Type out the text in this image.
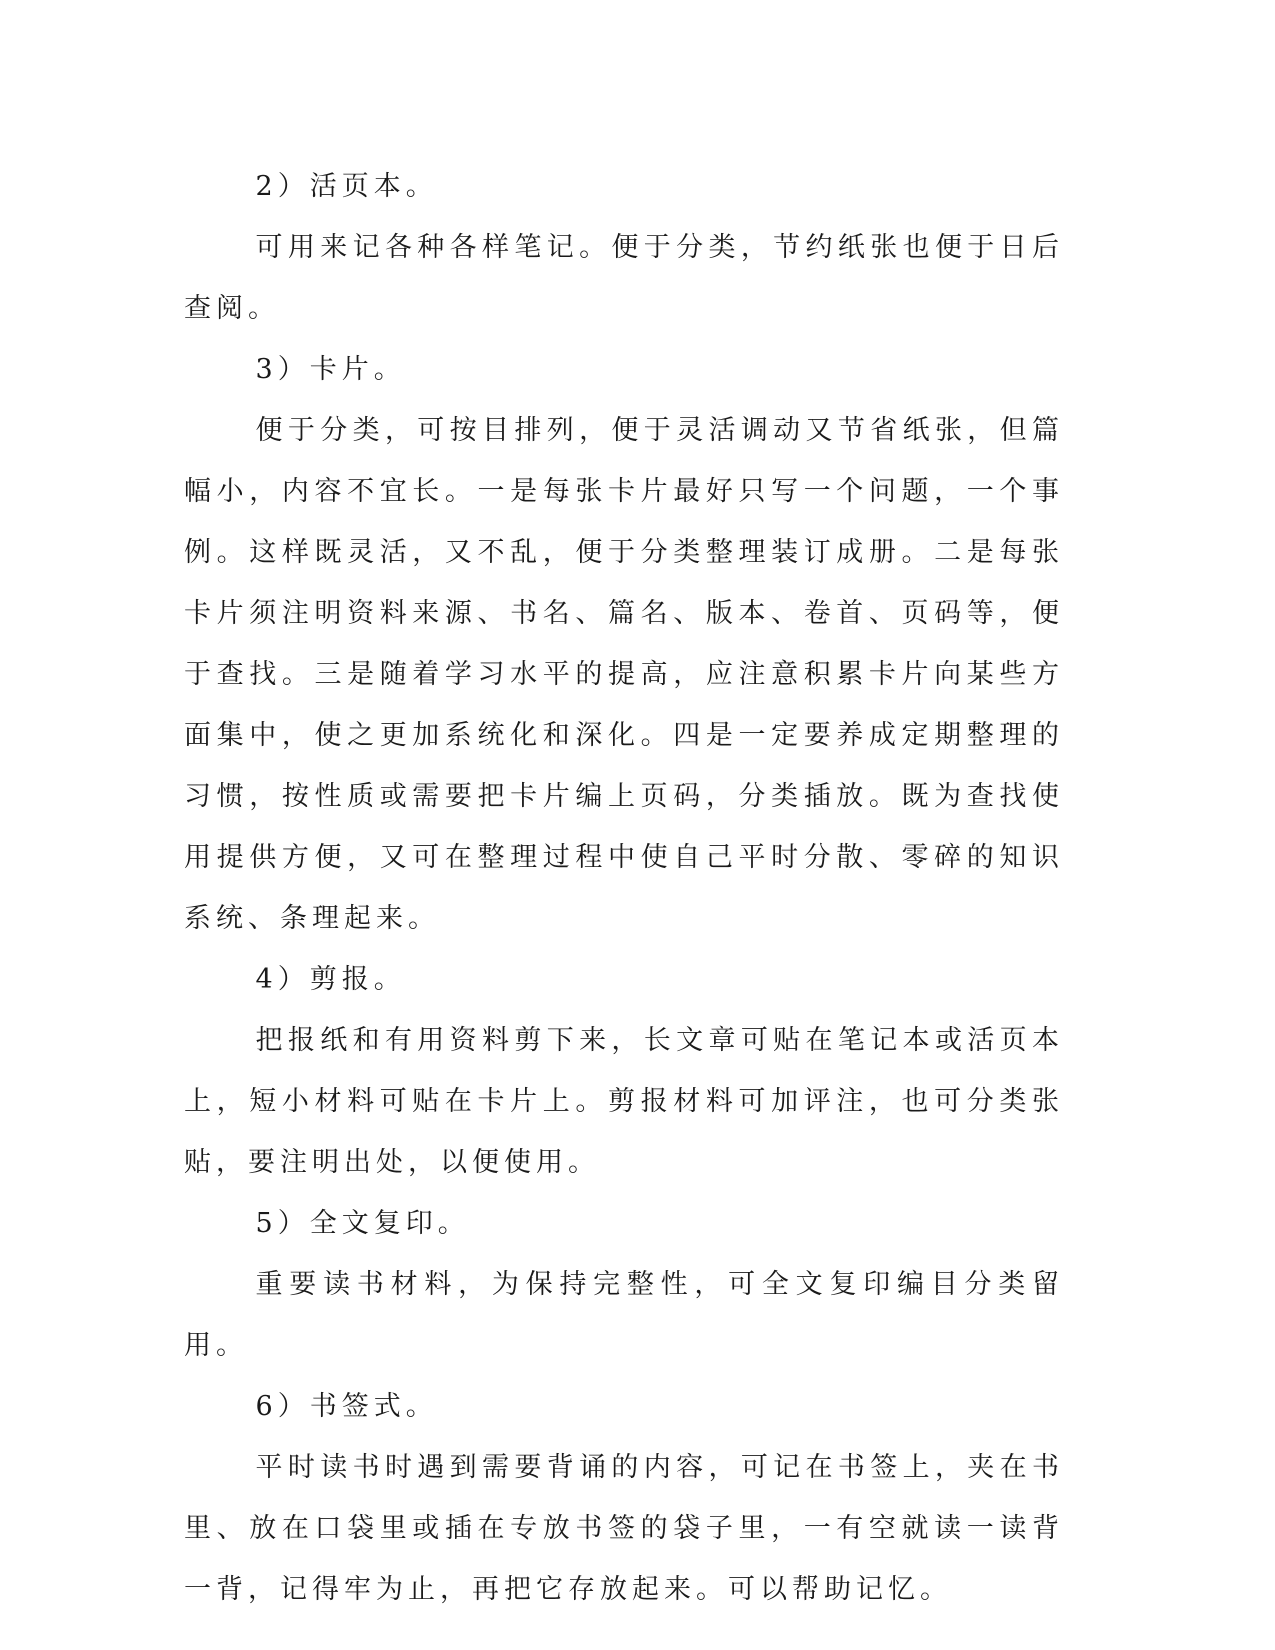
2）活页本。

可用来记各种各样笔记。便于分类，节约纸张也便于日后查阅。

3）卡片。

便于分类，可按目排列，便于灵活调动又节省纸张，但篇幅小，内容不宜长。一是每张卡片最好只写一个问题，一个事例。这样既灵活，又不乱，便于分类整理装订成册。二是每张卡片须注明资料来源、书名、篇名、版本、卷首、页码等，便于查找。三是随着学习水平的提高，应注意积累卡片向某些方面集中，使之更加系统化和深化。四是一定要养成定期整理的习惯，按性质或需要把卡片编上页码，分类插放。既为查找使用提供方便，又可在整理过程中使自己平时分散、零碎的知识系统、条理起来。

4）剪报。

把报纸和有用资料剪下来，长文章可贴在笔记本或活页本上，短小材料可贴在卡片上。剪报材料可加评注，也可分类张贴，要注明出处，以便使用。

5）全文复印。

重要读书材料，为保持完整性，可全文复印编目分类留用。

6）书签式。

平时读书时遇到需要背诵的内容，可记在书签上，夹在书里、放在口袋里或插在专放书签的袋子里，一有空就读一读背一背，记得牢为止，再把它存放起来。可以帮助记忆。
